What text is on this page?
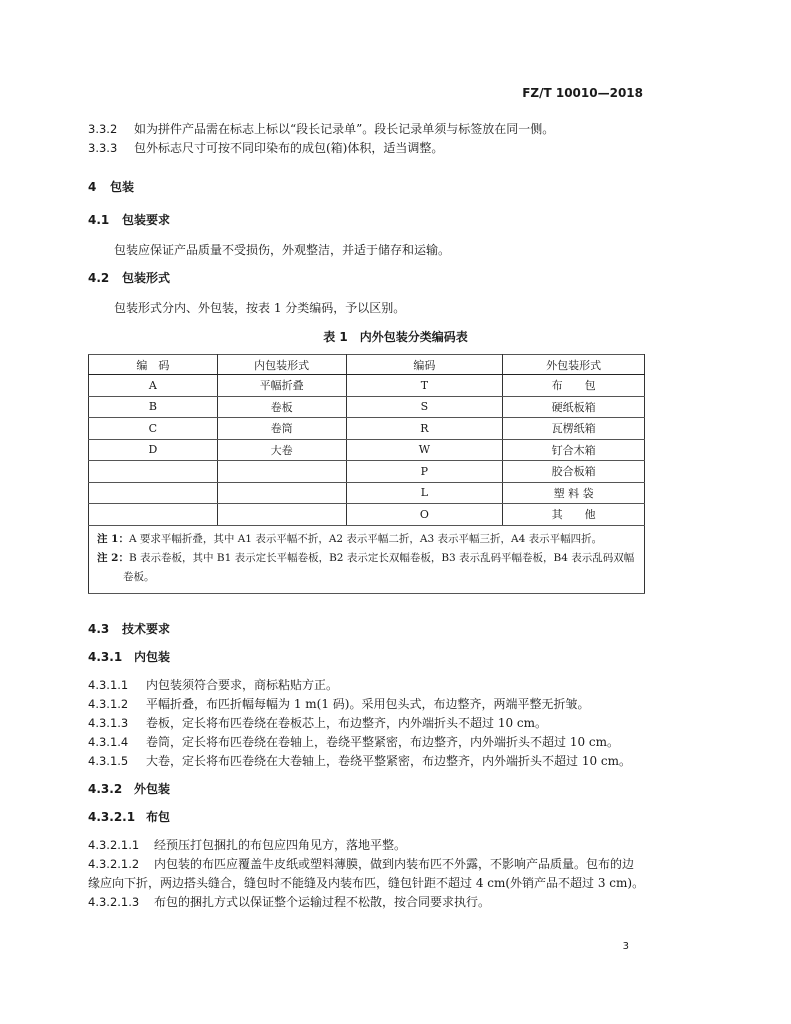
FZ/T 10010—2018
3.3.2 如为拼件产品需在标志上标以“段长记录单”。段长记录单须与标签放在同一侧。
3.3.3 包外标志尺寸可按不同印染布的成包(箱)体积，适当调整。
4 包装
4.1 包装要求
包装应保证产品质量不受损伤，外观整洁，并适于储存和运输。
4.2 包装形式
包装形式分内、外包装，按表 1 分类编码，予以区别。
表 1　内外包装分类编码表
编　码	内包装形式	编码	外包装形式
A	平幅折叠	T	布　　包
B	卷板	S	硬纸板箱
C	卷筒	R	瓦楞纸箱
D	大卷	W	钉合木箱
		P	胶合板箱
		L	塑 料 袋
		O	其　　他

注 1：A 要求平幅折叠，其中 A1 表示平幅不折，A2 表示平幅二折，A3 表示平幅三折，A4 表示平幅四折。
注 2：B 表示卷板，其中 B1 表示定长平幅卷板，B2 表示定长双幅卷板，B3 表示乱码平幅卷板，B4 表示乱码双幅
卷板。			
4.3 技术要求
4.3.1 内包装
4.3.1.1 内包装须符合要求，商标粘贴方正。
4.3.1.2 平幅折叠，布匹折幅每幅为 1 m(1 码)。采用包头式，布边整齐，两端平整无折皱。
4.3.1.3 卷板，定长将布匹卷绕在卷板芯上，布边整齐，内外端折头不超过 10 cm。
4.3.1.4 卷筒，定长将布匹卷绕在卷轴上，卷绕平整紧密，布边整齐，内外端折头不超过 10 cm。
4.3.1.5 大卷，定长将布匹卷绕在大卷轴上，卷绕平整紧密，布边整齐，内外端折头不超过 10 cm。
4.3.2 外包装
4.3.2.1 布包
4.3.2.1.1 经预压打包捆扎的布包应四角见方，落地平整。
4.3.2.1.2 内包装的布匹应覆盖牛皮纸或塑料薄膜，做到内装布匹不外露，不影响产品质量。包布的边
缘应向下折，两边搭头缝合，缝包时不能缝及内装布匹，缝包针距不超过 4 cm(外销产品不超过 3 cm)。
4.3.2.1.3 布包的捆扎方式以保证整个运输过程不松散，按合同要求执行。
3
